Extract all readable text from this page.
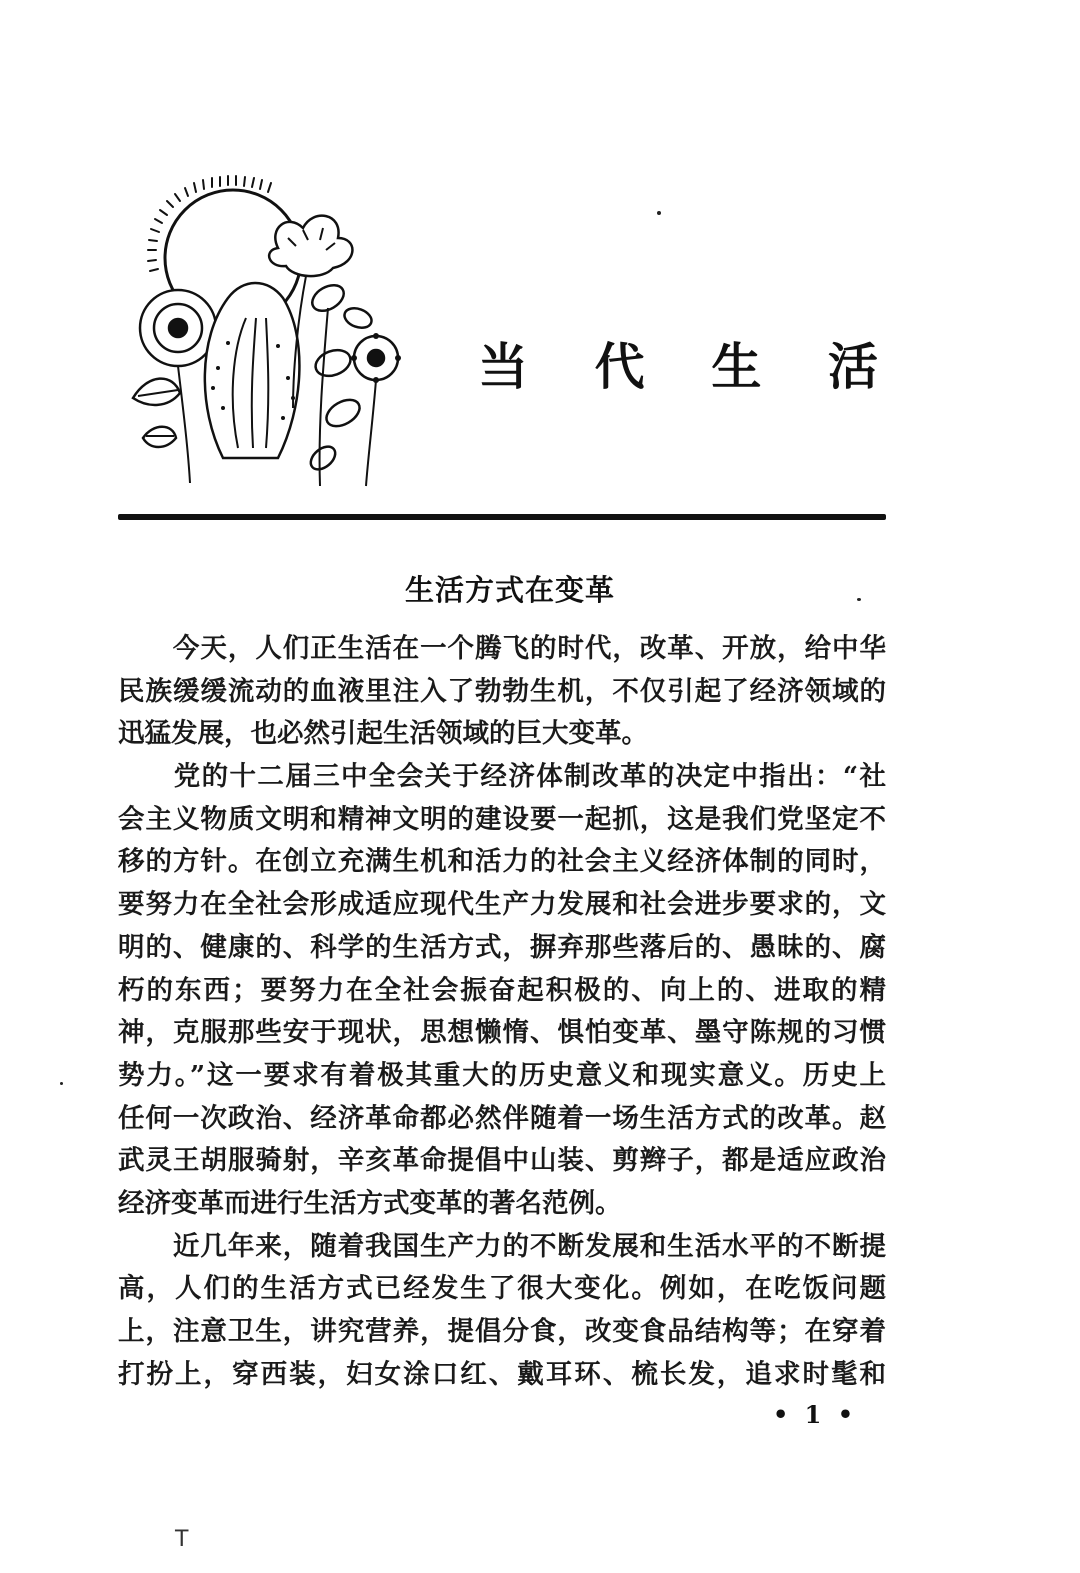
当 代 生 活
生活方式在变革
　　今天，人们正生活在一个腾飞的时代，改革、开放，给中华
民族缓缓流动的血液里注入了勃勃生机，不仅引起了经济领域的
迅猛发展，也必然引起生活领域的巨大变革。
　　党的十二届三中全会关于经济体制改革的决定中指出：“社
会主义物质文明和精神文明的建设要一起抓，这是我们党坚定不
移的方针。在创立充满生机和活力的社会主义经济体制的同时，
要努力在全社会形成适应现代生产力发展和社会进步要求的，文
明的、健康的、科学的生活方式，摒弃那些落后的、愚昧的、腐
朽的东西；要努力在全社会振奋起积极的、向上的、进取的精
神，克服那些安于现状，思想懒惰、惧怕变革、墨守陈规的习惯
势力。”这一要求有着极其重大的历史意义和现实意义。历史上
任何一次政治、经济革命都必然伴随着一场生活方式的改革。赵
武灵王胡服骑射，辛亥革命提倡中山装、剪辫子，都是适应政治
经济变革而进行生活方式变革的著名范例。
　　近几年来，随着我国生产力的不断发展和生活水平的不断提
高，人们的生活方式已经发生了很大变化。例如，在吃饭问题
上，注意卫生，讲究营养，提倡分食，改变食品结构等；在穿着
打扮上，穿西装，妇女涂口红、戴耳环、梳长发，追求时髦和
• 1 •
T
